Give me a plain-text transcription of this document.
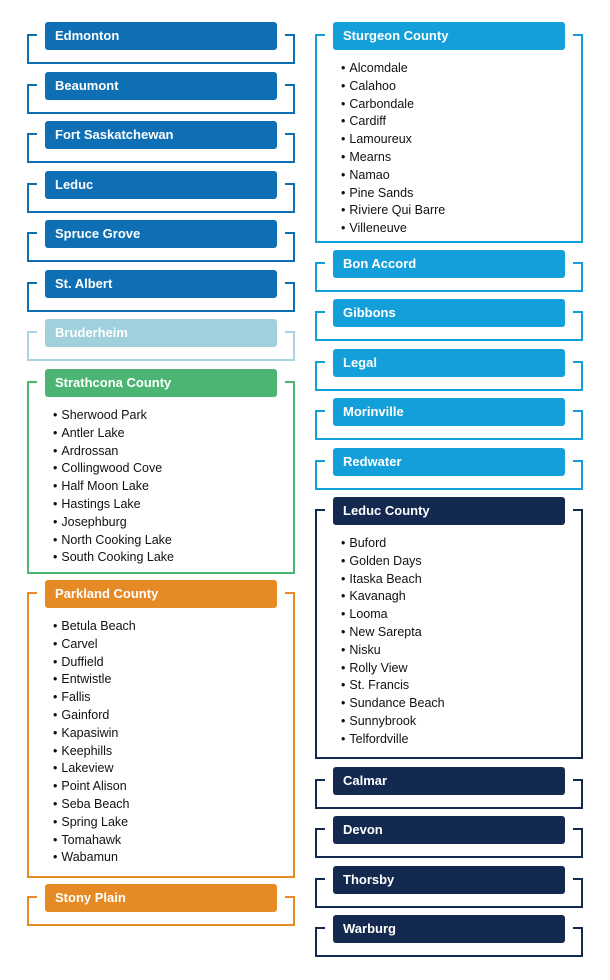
Edmonton
Beaumont
Fort Saskatchewan
Leduc
Spruce Grove
St. Albert
Bruderheim
Strathcona County
• Sherwood Park
• Antler Lake
• Ardrossan
• Collingwood Cove
• Half Moon Lake
• Hastings Lake
• Josephburg
• North Cooking Lake
• South Cooking Lake
Parkland County
• Betula Beach
• Carvel
• Duffield
• Entwistle
• Fallis
• Gainford
• Kapasiwin
• Keephills
• Lakeview
• Point Alison
• Seba Beach
• Spring Lake
• Tomahawk
• Wabamun
Stony Plain
Sturgeon County
• Alcomdale
• Calahoo
• Carbondale
• Cardiff
• Lamoureux
• Mearns
• Namao
• Pine Sands
• Riviere Qui Barre
• Villeneuve
Bon Accord
Gibbons
Legal
Morinville
Redwater
Leduc County
• Buford
• Golden Days
• Itaska Beach
• Kavanagh
• Looma
• New Sarepta
• Nisku
• Rolly View
• St. Francis
• Sundance Beach
• Sunnybrook
• Telfordville
Calmar
Devon
Thorsby
Warburg
